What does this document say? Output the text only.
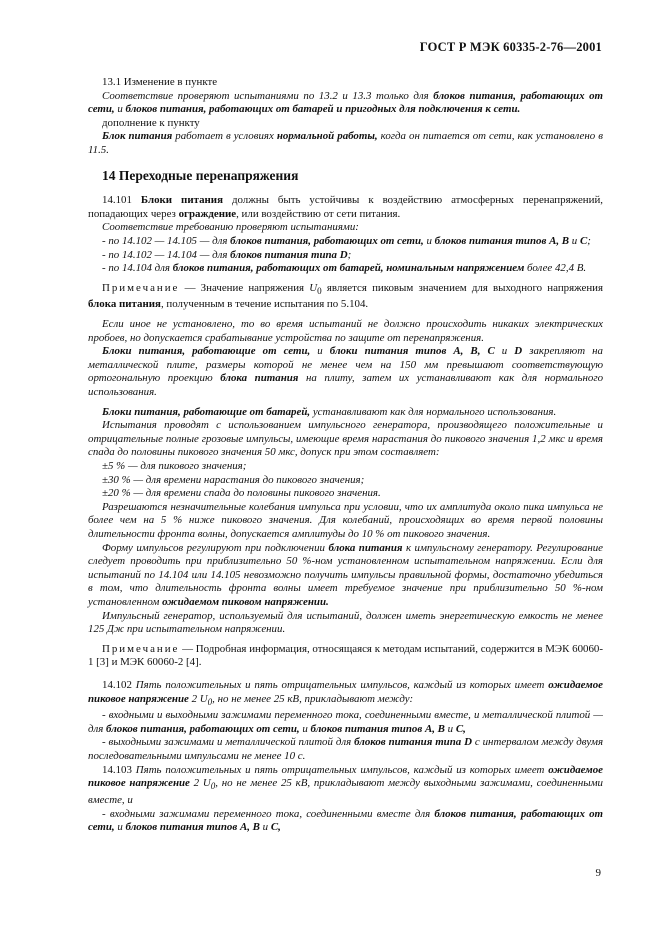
ГОСТ Р МЭК 60335-2-76—2001

13.1 Изменение в пункте

Соответствие проверяют испытаниями по 13.2 и 13.3 только для блоков питания, работающих от сети, и блоков питания, работающих от батарей и пригодных для подключения к сети.

дополнение к пункту

Блок питания работает в условиях нормальной работы, когда он питается от сети, как установлено в 11.5.

14 Переходные перенапряжения

14.101 Блоки питания должны быть устойчивы к воздействию атмосферных перенапряжений, попадающих через ограждение, или воздействию от сети питания.

Соответствие требованию проверяют испытаниями:

- по 14.102 — 14.105 — для блоков питания, работающих от сети, и блоков питания типов А, В и С;

- по 14.102 — 14.104 — для блоков питания типа D;

- по 14.104 для блоков питания, работающих от батарей, номинальным напряжением более 42,4 В.

Примечание — Значение напряжения $U_0$ является пиковым значением для выходного напряжения блока питания, полученным в течение испытания по 5.104.

Если иное не установлено, то во время испытаний не должно происходить никаких электрических пробоев, но допускается срабатывание устройства по защите от перенапряжения.

Блоки питания, работающие от сети, и блоки питания типов А, В, С и D закрепляют на металлической плите, размеры которой не менее чем на 150 мм превышают соответствующую ортогональную проекцию блока питания на плиту, затем их устанавливают как для нормального использования.

Блоки питания, работающие от батарей, устанавливают как для нормального использования.

Испытания проводят с использованием импульсного генератора, производящего положительные и отрицательные полные грозовые импульсы, имеющие время нарастания до пикового значения 1,2 мкс и время спада до половины пикового значения 50 мкс, допуск при этом составляет:

±5 % — для пикового значения;

±30 % — для времени нарастания до пикового значения;

±20 % — для времени спада до половины пикового значения.

Разрешаются незначительные колебания импульса при условии, что их амплитуда около пика импульса не более чем на 5 % ниже пикового значения. Для колебаний, происходящих во время первой половины длительности фронта волны, допускается амплитуды до 10 % от пикового значения.

Форму импульсов регулируют при подключении блока питания к импульсному генератору. Регулирование следует проводить при приблизительно 50 %-ном установленном испытательном напряжении. Если для испытаний по 14.104 или 14.105 невозможно получить импульсы правильной формы, достаточно убедиться в том, что длительность фронта волны имеет требуемое значение при приблизительно 50 %-ном установленном ожидаемом пиковом напряжении.

Импульсный генератор, используемый для испытаний, должен иметь энергетическую емкость не менее 125 Дж при испытательном напряжении.

Примечание — Подробная информация, относящаяся к методам испытаний, содержится в МЭК 60060-1 [3] и МЭК 60060-2 [4].

14.102 Пять положительных и пять отрицательных импульсов, каждый из которых имеет ожидаемое пиковое напряжение 2 $U_0$, но не менее 25 кВ, прикладывают между:

- входными и выходными зажимами переменного тока, соединенными вместе, и металлической плитой — для блоков питания, работающих от сети, и блоков питания типов А, В и С,

- выходными зажимами и металлической плитой для блоков питания типа D с интервалом между двумя последовательными импульсами не менее 10 с.

14.103 Пять положительных и пять отрицательных импульсов, каждый из которых имеет ожидаемое пиковое напряжение 2 $U_0$, но не менее 25 кВ, прикладывают между выходными зажимами, соединенными вместе, и

- входными зажимами переменного тока, соединенными вместе для блоков питания, работающих от сети, и блоков питания типов А, В и С,

9
